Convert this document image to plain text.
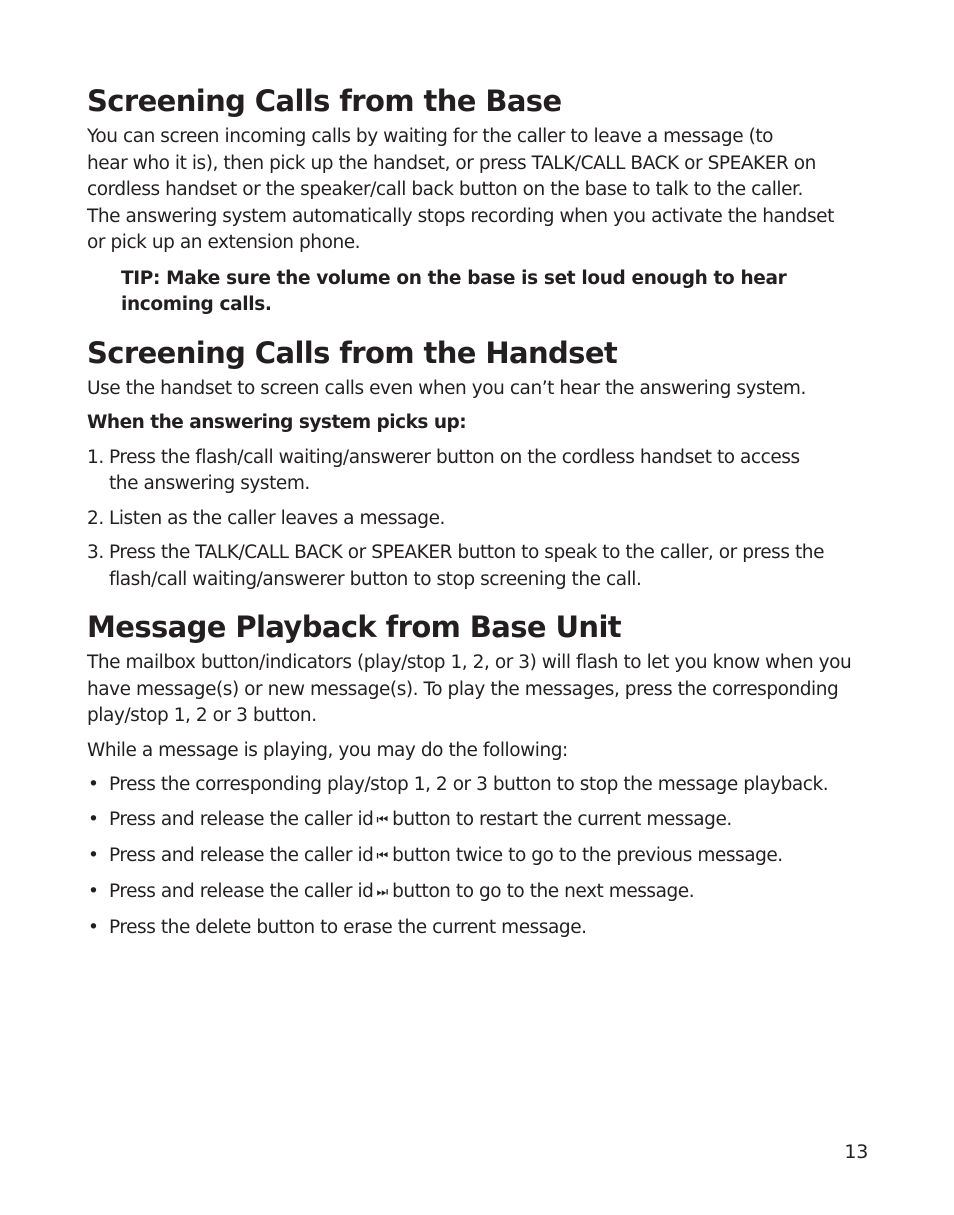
Screening Calls from the Base

You can screen incoming calls by waiting for the caller to leave a message (to
hear who it is), then pick up the handset, or press TALK/CALL BACK or SPEAKER on
cordless handset or the speaker/call back button on the base to talk to the caller.
The answering system automatically stops recording when you activate the handset
or pick up an extension phone.

TIP: Make sure the volume on the base is set loud enough to hear
incoming calls.

Screening Calls from the Handset

Use the handset to screen calls even when you can’t hear the answering system.

When the answering system picks up:

1. Press the flash/call waiting/answerer button on the cordless handset to access
the answering system.
2. Listen as the caller leaves a message.
3. Press the TALK/CALL BACK or SPEAKER button to speak to the caller, or press the
flash/call waiting/answerer button to stop screening the call.
Message Playback from Base Unit

The mailbox button/indicators (play/stop 1, 2, or 3) will flash to let you know when you
have message(s) or new message(s). To play the messages, press the corresponding
play/stop 1, 2 or 3 button.

While a message is playing, you may do the following:

• Press the corresponding play/stop 1, 2 or 3 button to stop the message playback.
• Press and release the caller id ⏮ button to restart the current message.
• Press and release the caller id ⏮ button twice to go to the previous message.
• Press and release the caller id ⏭ button to go to the next message.
• Press the delete button to erase the current message.
13
